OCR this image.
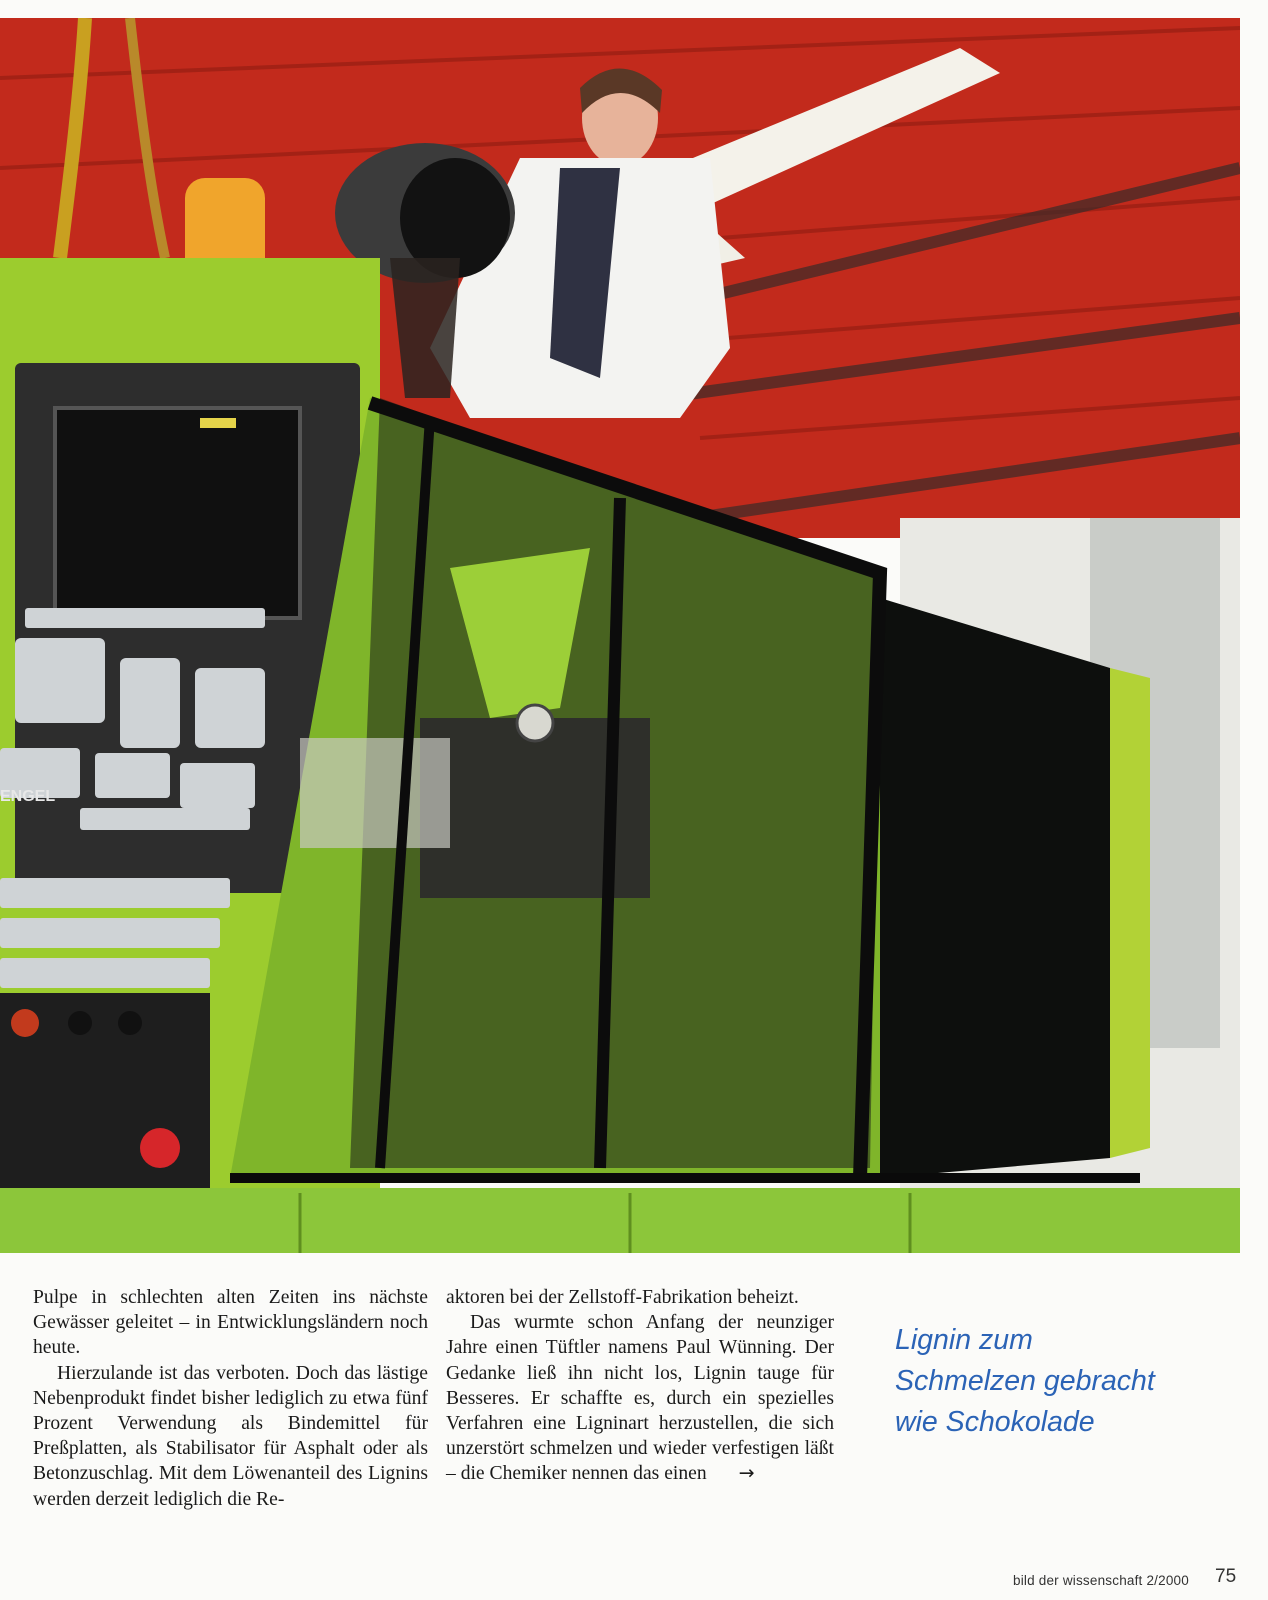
ENGEL

Pulpe in schlechten alten Zeiten ins nächste Gewässer geleitet – in Entwicklungsländern noch heute.

Hierzulande ist das verboten. Doch das lästige Nebenprodukt findet bisher lediglich zu etwa fünf Prozent Verwendung als Bindemittel für Preßplatten, als Stabilisator für Asphalt oder als Betonzuschlag. Mit dem Löwenanteil des Lignins werden derzeit lediglich die Re-

aktoren bei der Zellstoff-Fabrikation beheizt.

Das wurmte schon Anfang der neunziger Jahre einen Tüftler namens Paul Wünning. Der Gedanke ließ ihn nicht los, Lignin tauge für Besseres. Er schaffte es, durch ein spezielles Verfahren eine Ligninart herzustellen, die sich unzerstört schmelzen und wieder verfestigen läßt – die Chemiker nennen das einen →

Lignin zum
Schmelzen gebracht
wie Schokolade
bild der wissenschaft 2/2000 75
